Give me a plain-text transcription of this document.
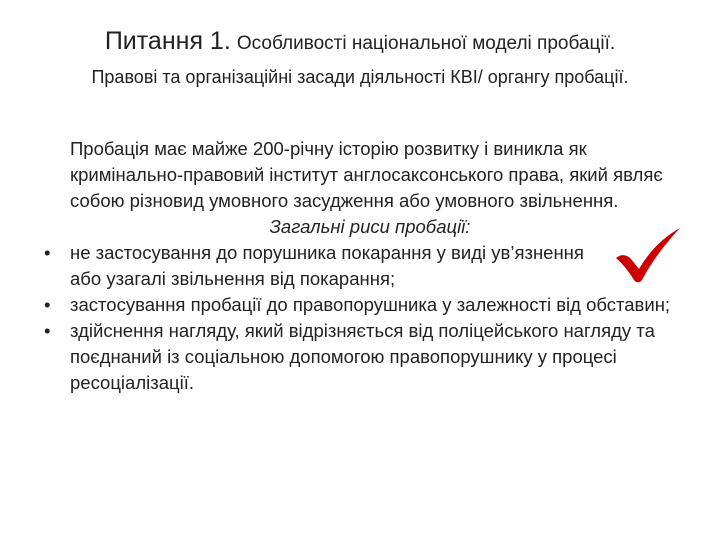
Питання 1. Особливості національної моделі пробації.
Правові та організаційні засади діяльності КВІ/ органгу пробації.
Пробація має майже 200-річну історію розвитку і виникла як кримінально-правовий інститут англосаксонського права, який являє собою різновид умовного засудження або умовного звільнення.
Загальні риси пробації:
•	не застосування до порушника покарання у виді ув’язнення або узагалі звільнення від покарання;
•	застосування пробації до правопорушника у залежності від обставин;
•	здійснення нагляду, який відрізняється від поліцейського нагляду та поєднаний із соціальною допомогою правопорушнику у процесі ресоціалізації.
